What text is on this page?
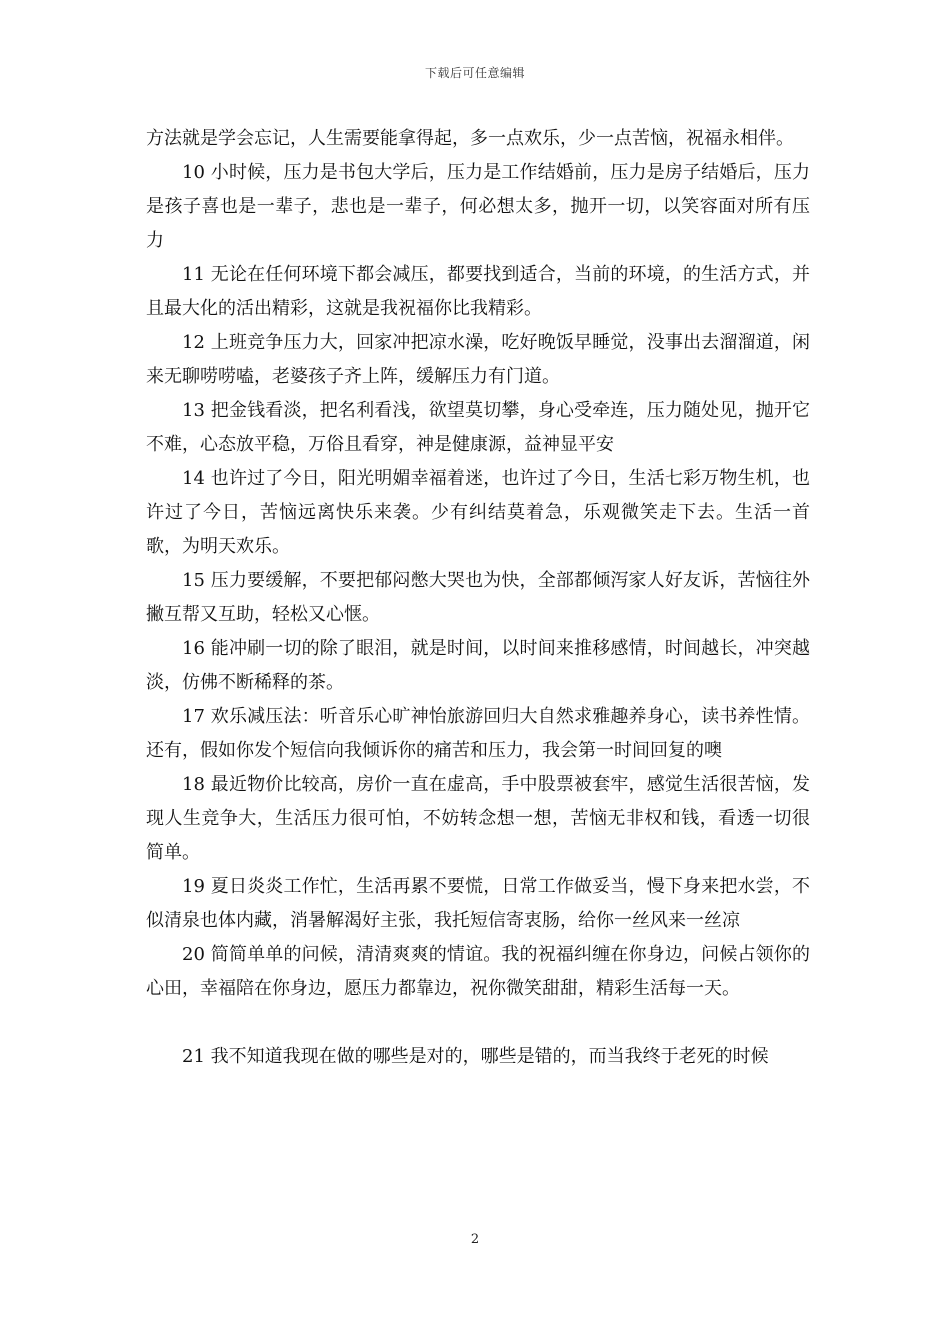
下载后可任意编辑

方法就是学会忘记，人生需要能拿得起，多一点欢乐，少一点苦恼，祝福永相伴。

10 小时候，压力是书包大学后，压力是工作结婚前，压力是房子结婚后，压力是孩子喜也是一辈子，悲也是一辈子，何必想太多，抛开一切，以笑容面对所有压力

11 无论在任何环境下都会减压，都要找到适合，当前的环境，的生活方式，并且最大化的活出精彩，这就是我祝福你比我精彩。

12 上班竞争压力大，回家冲把凉水澡，吃好晚饭早睡觉，没事出去溜溜道，闲来无聊唠唠嗑，老婆孩子齐上阵，缓解压力有门道。

13 把金钱看淡，把名利看浅，欲望莫切攀，身心受牵连，压力随处见，抛开它不难，心态放平稳，万俗且看穿，神是健康源，益神显平安

14 也许过了今日，阳光明媚幸福着迷，也许过了今日，生活七彩万物生机，也许过了今日，苦恼远离快乐来袭。少有纠结莫着急，乐观微笑走下去。生活一首歌，为明天欢乐。

15 压力要缓解，不要把郁闷憋大哭也为快，全部都倾泻家人好友诉，苦恼往外撇互帮又互助，轻松又心惬。

16 能冲刷一切的除了眼泪，就是时间，以时间来推移感情，时间越长，冲突越淡，仿佛不断稀释的茶。

17 欢乐减压法：听音乐心旷神怡旅游回归大自然求雅趣养身心，读书养性情。还有，假如你发个短信向我倾诉你的痛苦和压力，我会第一时间回复的噢

18 最近物价比较高，房价一直在虚高，手中股票被套牢，感觉生活很苦恼，发现人生竞争大，生活压力很可怕，不妨转念想一想，苦恼无非权和钱，看透一切很简单。

19 夏日炎炎工作忙，生活再累不要慌，日常工作做妥当，慢下身来把水尝，不似清泉也体内藏，消暑解渴好主张，我托短信寄衷肠，给你一丝风来一丝凉

20 简简单单的问候，清清爽爽的情谊。我的祝福纠缠在你身边，问候占领你的心田，幸福陪在你身边，愿压力都靠边，祝你微笑甜甜，精彩生活每一天。

21 我不知道我现在做的哪些是对的，哪些是错的，而当我终于老死的时候

2
